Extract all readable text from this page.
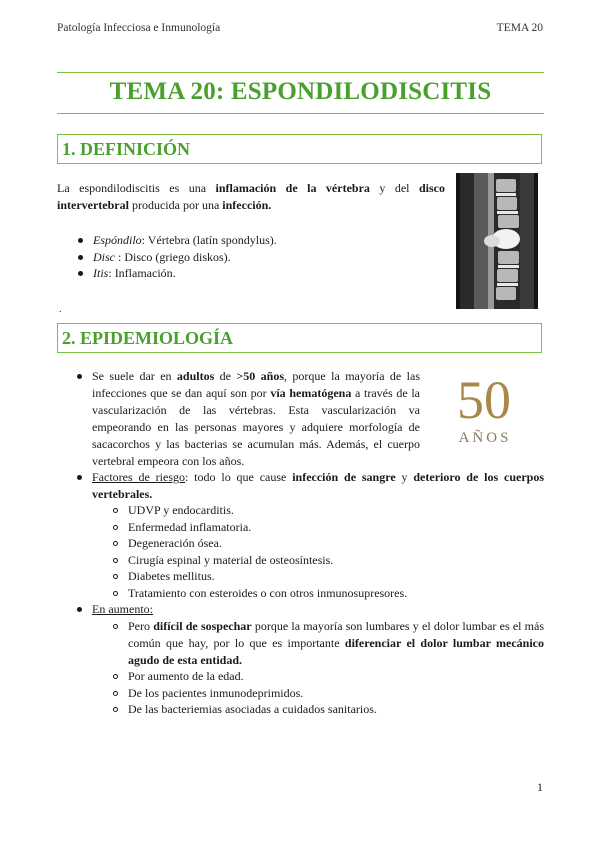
Patología Infecciosa e Inmunología	TEMA 20
TEMA 20: ESPONDILODISCITIS
1. DEFINICIÓN
La espondilodiscitis es una inflamación de la vértebra y del disco intervertebral producida por una infección.
Espóndilo: Vértebra (latín spondylus).
Disc : Disco (griego diskos).
Itis: Inflamación.
.
2. EPIDEMIOLOGÍA
Se suele dar en adultos de >50 años, porque la mayoría de las infecciones que se dan aquí son por vía hematógena a través de la vascularización de las vértebras. Esta vascularización va empeorando en las personas mayores y adquiere morfología de sacacorchos y las bacterias se acumulan más. Además, el cuerpo vertebral empeora con los años.
50
AÑOS
Factores de riesgo: todo lo que cause infección de sangre y deterioro de los cuerpos vertebrales.
UDVP y endocarditis.
Enfermedad inflamatoria.
Degeneración ósea.
Cirugía espinal y material de osteosíntesis.
Diabetes mellitus.
Tratamiento con esteroides o con otros inmunosupresores.
En aumento:
Pero difícil de sospechar porque la mayoría son lumbares y el dolor lumbar es el más común que hay, por lo que es importante diferenciar el dolor lumbar mecánico agudo de esta entidad.
Por aumento de la edad.
De los pacientes inmunodeprimidos.
De las bacteriemias asociadas a cuidados sanitarios.
1
